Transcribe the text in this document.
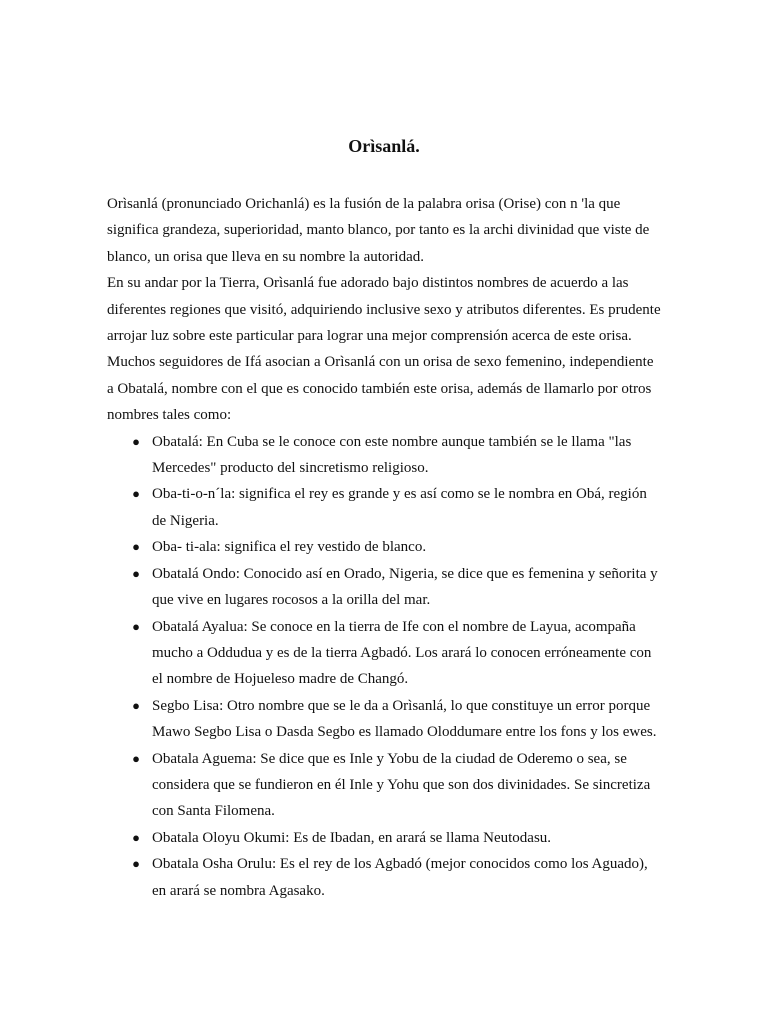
Orìsanlá.

Orìsanlá (pronunciado Orichanlá) es la fusión de la palabra orisa (Orise) con n 'la que significa grandeza, superioridad, manto blanco, por tanto es la archi divinidad que viste de blanco, un orisa que lleva en su nombre la autoridad.

En su andar por la Tierra, Orìsanlá fue adorado bajo distintos nombres de acuerdo a las diferentes regiones que visitó, adquiriendo inclusive sexo y atributos diferentes. Es prudente arrojar luz sobre este particular para lograr una mejor comprensión acerca de este orisa.

Muchos seguidores de Ifá asocian a Orìsanlá con un orisa de sexo femenino, independiente a Obatalá, nombre con el que es conocido también este orisa, además de llamarlo por otros nombres tales como:

● Obatalá: En Cuba se le conoce con este nombre aunque también se le llama "las Mercedes" producto del sincretismo religioso.
● Oba-ti-o-n´la: significa el rey es grande y es así como se le nombra en Obá, región de Nigeria.
● Oba- ti-ala: significa el rey vestido de blanco.
● Obatalá Ondo: Conocido así en Orado, Nigeria, se dice que es femenina y señorita y que vive en lugares rocosos a la orilla del mar.
● Obatalá Ayalua: Se conoce en la tierra de Ife con el nombre de Layua, acompaña mucho a Oddudua y es de la tierra Agbadó. Los arará lo conocen erróneamente con el nombre de Hojueleso madre de Changó.
● Segbo Lisa: Otro nombre que se le da a Orìsanlá, lo que constituye un error porque Mawo Segbo Lisa o Dasda Segbo es llamado Oloddumare entre los fons y los ewes.
● Obatala Aguema: Se dice que es Inle y Yobu de la ciudad de Oderemo o sea, se considera que se fundieron en él Inle y Yohu que son dos divinidades. Se sincretiza con Santa Filomena.
● Obatala Oloyu Okumi: Es de Ibadan, en arará se llama Neutodasu.
● Obatala Osha Orulu: Es el rey de los Agbadó (mejor conocidos como los Aguado), en arará se nombra Agasako.
